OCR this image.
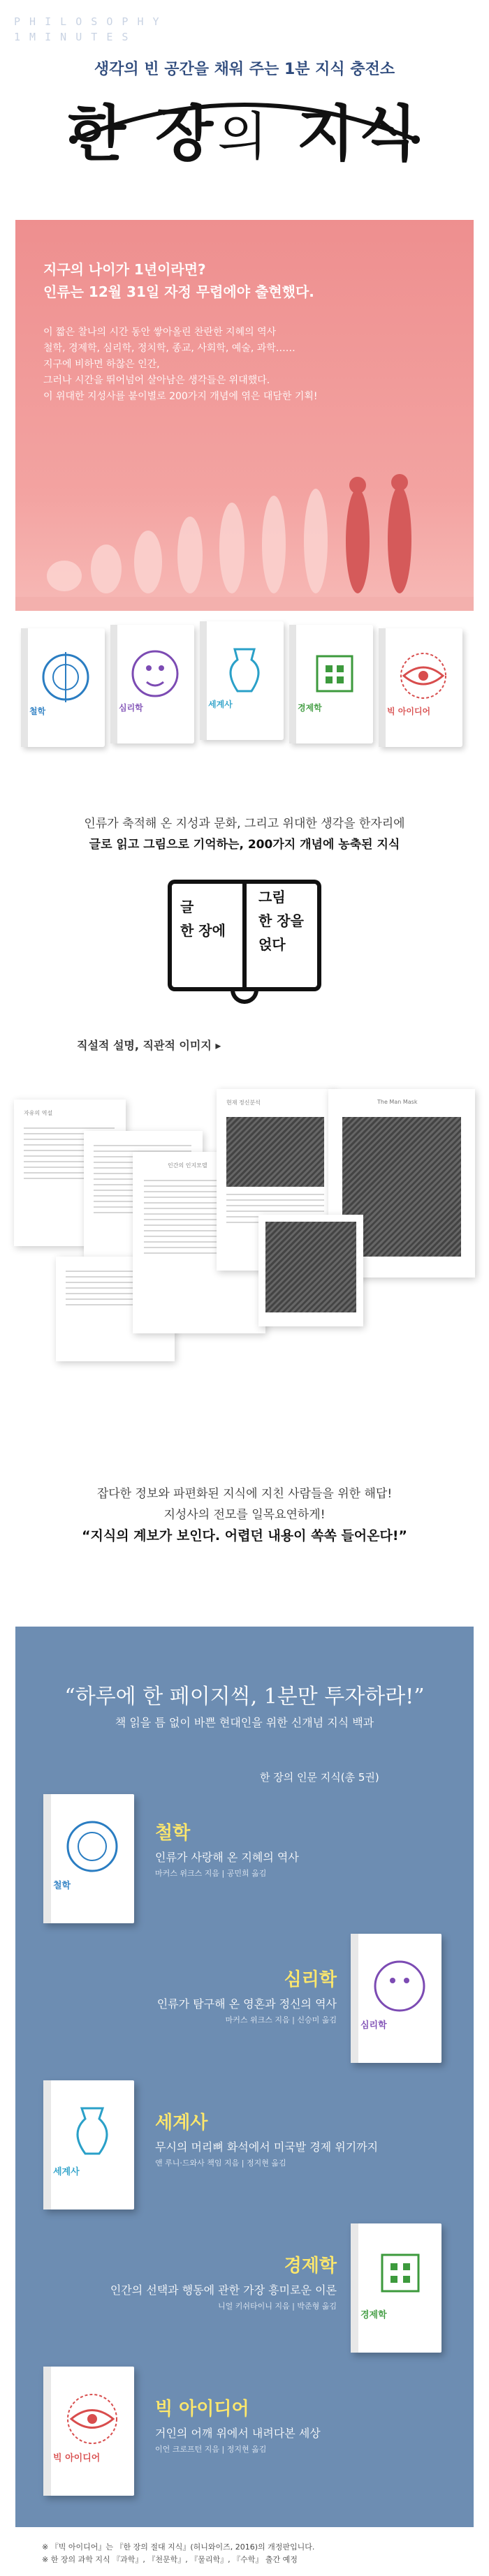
P H I L O S O P H Y
1 M I N U T E S
생각의 빈 공간을 채워 주는 1분 지식 충전소
한 장의 지식
지구의 나이가 1년이라면?
인류는 12월 31일 자정 무렵에야 출현했다.
이 짧은 찰나의 시간 동안 쌓아올린 찬란한 지혜의 역사
철학, 경제학, 심리학, 정치학, 종교, 사회학, 예술, 과학……
지구에 비하면 하찮은 인간,
그러나 시간을 뛰어넘어 살아남은 생각들은 위대했다.
이 위대한 지성사를 붙이별로 200가지 개념에 엮은 대담한 기획!
철학	심리학	세계사	경제학	빅 아이디어
인류가 축적해 온 지성과 문화, 그리고 위대한 생각을 한자리에
글로 읽고 그림으로 기억하는, 200가지 개념에 농축된 지식
글
한 장에
그림
한 장을
얹다
직설적 설명, 직관적 이미지 ▸
자유의 역설
인간의 인지모델
현재 정신분석	The Man Mask
잡다한 정보와 파편화된 지식에 지친 사람들을 위한 해답!
지성사의 전모를 일목요연하게!
“지식의 계보가 보인다. 어렵던 내용이 쏙쏙 들어온다!”
“하루에 한 페이지씩, 1분만 투자하라!”
책 읽을 틈 없이 바쁜 현대인을 위한 신개념 지식 백과
한 장의 인문 지식(총 5권)
철학
철학
인류가 사랑해 온 지혜의 역사
마커스 위크스 지음 | 공민희 옮김
심리학
심리학
인류가 탐구해 온 영혼과 정신의 역사
마커스 위크스 지음 | 신승미 옮김
세계사
세계사
무시의 머리뼈 화석에서 미국발 경제 위기까지
앤 루니·드와사 책임 지음 | 정지현 옮김
경제학
경제학
인간의 선택과 행동에 관한 가장 흥미로운 이론
니얼 키쉬타이니 지음 | 박준형 옮김
빅 아이디어
빅 아이디어
거인의 어깨 위에서 내려다본 세상
이언 크로프턴 지음 | 정지현 옮김
※ 『빅 아이디어』는 『한 장의 절대 지식』(허니와이즈, 2016)의 개정판입니다.
※ 한 장의 과학 지식 『과학』, 『천문학』, 『물리학』, 『수학』 출간 예정
